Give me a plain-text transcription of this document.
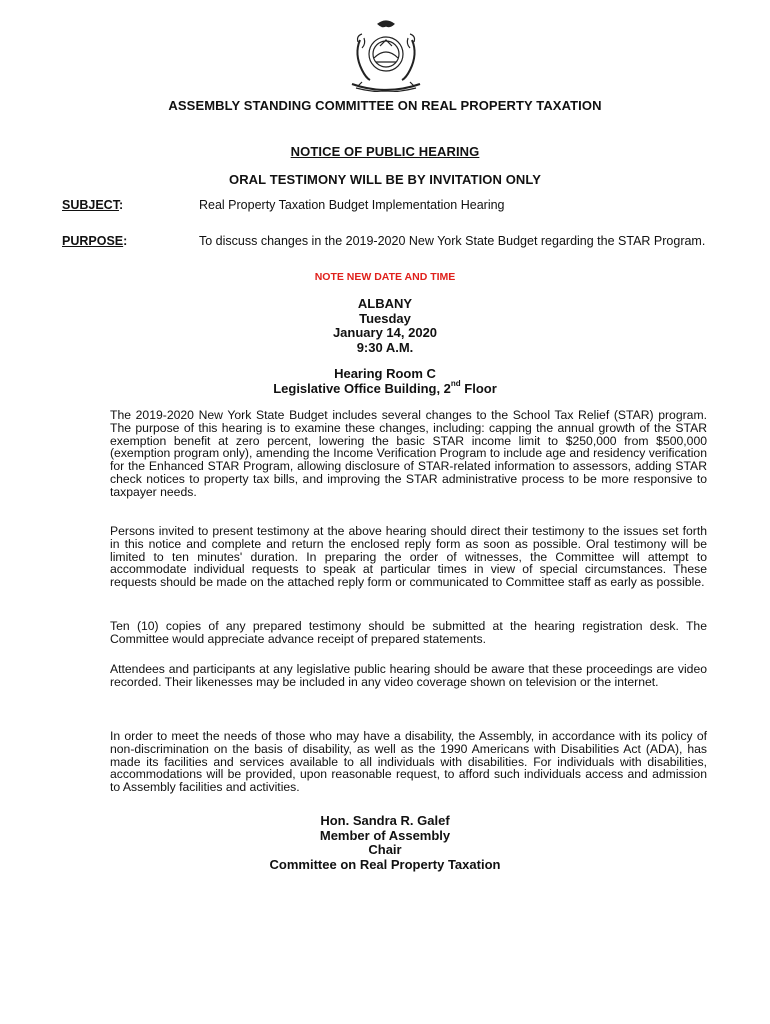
ASSEMBLY STANDING COMMITTEE ON REAL PROPERTY TAXATION
NOTICE OF PUBLIC HEARING
ORAL TESTIMONY WILL BE BY INVITATION ONLY
SUBJECT:	Real Property Taxation Budget Implementation Hearing
PURPOSE:	To discuss changes in the 2019-2020 New York State Budget regarding the STAR Program.
NOTE NEW DATE AND TIME
ALBANY
Tuesday
January 14, 2020
9:30 A.M.
Hearing Room C
Legislative Office Building, 2nd Floor

The 2019-2020 New York State Budget includes several changes to the School Tax Relief (STAR) program. The purpose of this hearing is to examine these changes, including: capping the annual growth of the STAR exemption benefit at zero percent, lowering the basic STAR income limit to $250,000 from $500,000 (exemption program only), amending the Income Verification Program to include age and residency verification for the Enhanced STAR Program, allowing disclosure of STAR-related information to assessors, adding STAR check notices to property tax bills, and improving the STAR administrative process to be more responsive to taxpayer needs.

Persons invited to present testimony at the above hearing should direct their testimony to the issues set forth in this notice and complete and return the enclosed reply form as soon as possible. Oral testimony will be limited to ten minutes' duration. In preparing the order of witnesses, the Committee will attempt to accommodate individual requests to speak at particular times in view of special circumstances. These requests should be made on the attached reply form or communicated to Committee staff as early as possible.

Ten (10) copies of any prepared testimony should be submitted at the hearing registration desk. The Committee would appreciate advance receipt of prepared statements.

Attendees and participants at any legislative public hearing should be aware that these proceedings are video recorded. Their likenesses may be included in any video coverage shown on television or the internet.

In order to meet the needs of those who may have a disability, the Assembly, in accordance with its policy of non-discrimination on the basis of disability, as well as the 1990 Americans with Disabilities Act (ADA), has made its facilities and services available to all individuals with disabilities. For individuals with disabilities, accommodations will be provided, upon reasonable request, to afford such individuals access and admission to Assembly facilities and activities.

Hon. Sandra R. Galef
Member of Assembly
Chair
Committee on Real Property Taxation
